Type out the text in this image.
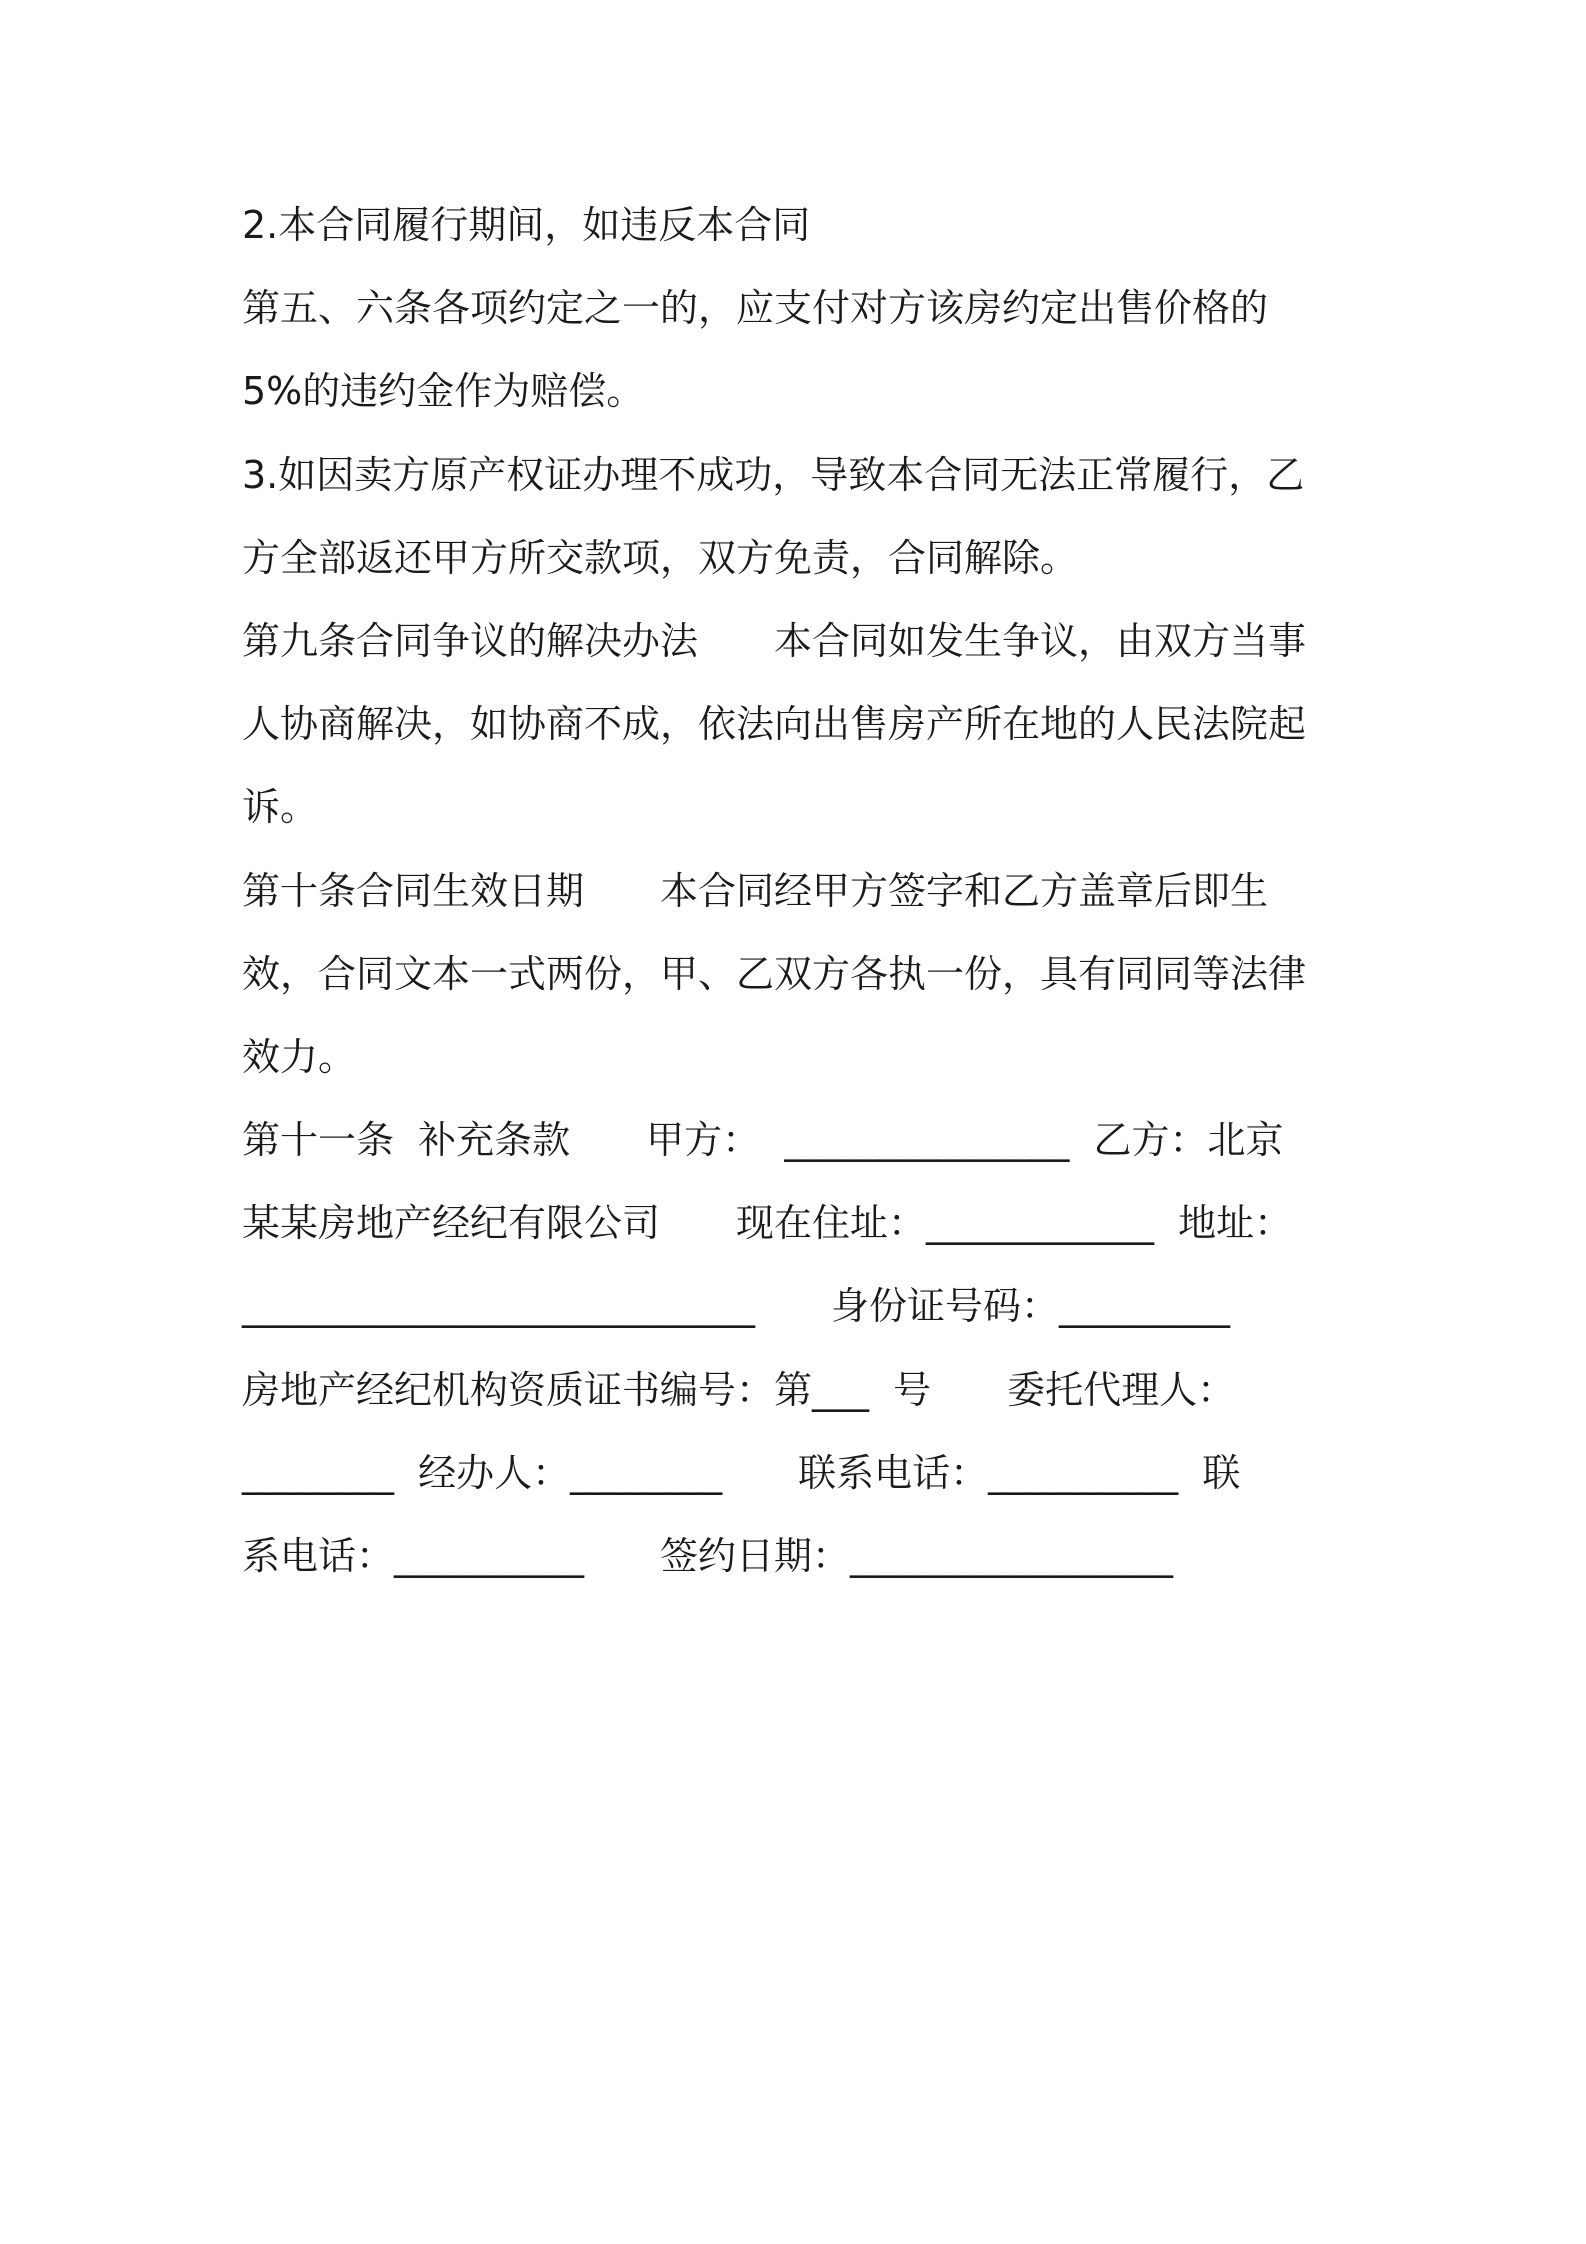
2.本合同履行期间，如违反本合同
第五、六条各项约定之一的，应支付对方该房约定出售价格的
5%的违约金作为赔偿。
3.如因卖方原产权证办理不成功，导致本合同无法正常履行，乙
方全部返还甲方所交款项，双方免责，合同解除。
第九条合同争议的解决办法　　本合同如发生争议，由双方当事
人协商解决，如协商不成，依法向出售房产所在地的人民法院起
诉。
第十条合同生效日期　　本合同经甲方签字和乙方盖章后即生
效，合同文本一式两份，甲、乙双方各执一份，具有同同等法律
效力。
第十一条  补充条款　　甲方：  _______________  乙方：北京
某某房地产经纪有限公司　　现在住址：____________  地址：
___________________________　　身份证号码：_________
房地产经纪机构资质证书编号：第___  号　　委托代理人：
________  经办人：________　　联系电话：__________  联
系电话：__________　　签约日期：_________________
